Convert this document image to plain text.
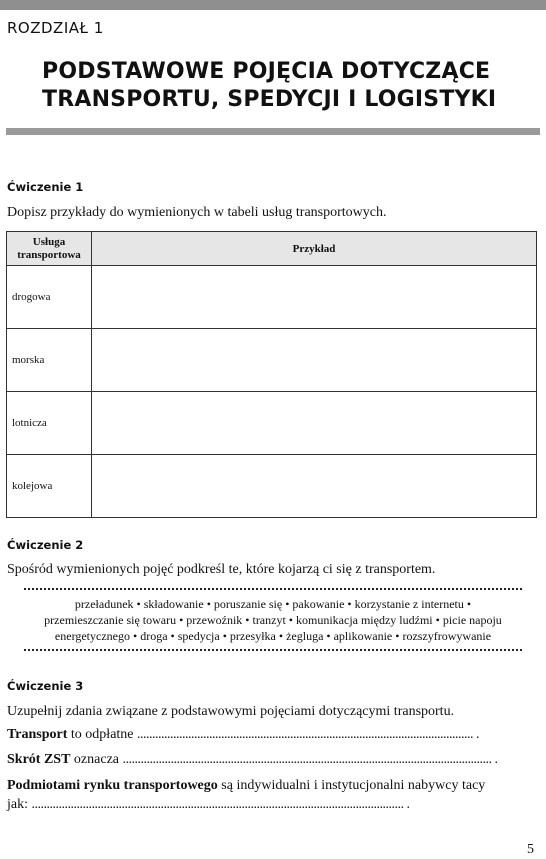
ROZDZIAŁ 1
PODSTAWOWE POJĘCIA DOTYCZĄCE
TRANSPORTU, SPEDYCJI I LOGISTYKI
Ćwiczenie 1
Dopisz przykłady do wymienionych w tabeli usług transportowych.
Usługa
transportowa	Przykład
drogowa	
morska	
lotnicza	
kolejowa	
Ćwiczenie 2
Spośród wymienionych pojęć podkreśl te, które kojarzą ci się z transportem.
przeładunek • składowanie • poruszanie się • pakowanie • korzystanie z internetu •
przemieszczanie się towaru • przewoźnik • tranzyt • komunikacja między ludźmi • picie napoju
energetycznego • droga • spedycja • przesyłka • żegluga • aplikowanie • rozszyfrowywanie
Ćwiczenie 3
Uzupełnij zdania związane z podstawowymi pojęciami dotyczącymi transportu.
Transport to odpłatne ................................................................................................................ .
Skrót ZST oznacza ........................................................................................................................... .
Podmiotami rynku transportowego są indywidualni i instytucjonalni nabywcy tacy
jak: ............................................................................................................................ .
5
